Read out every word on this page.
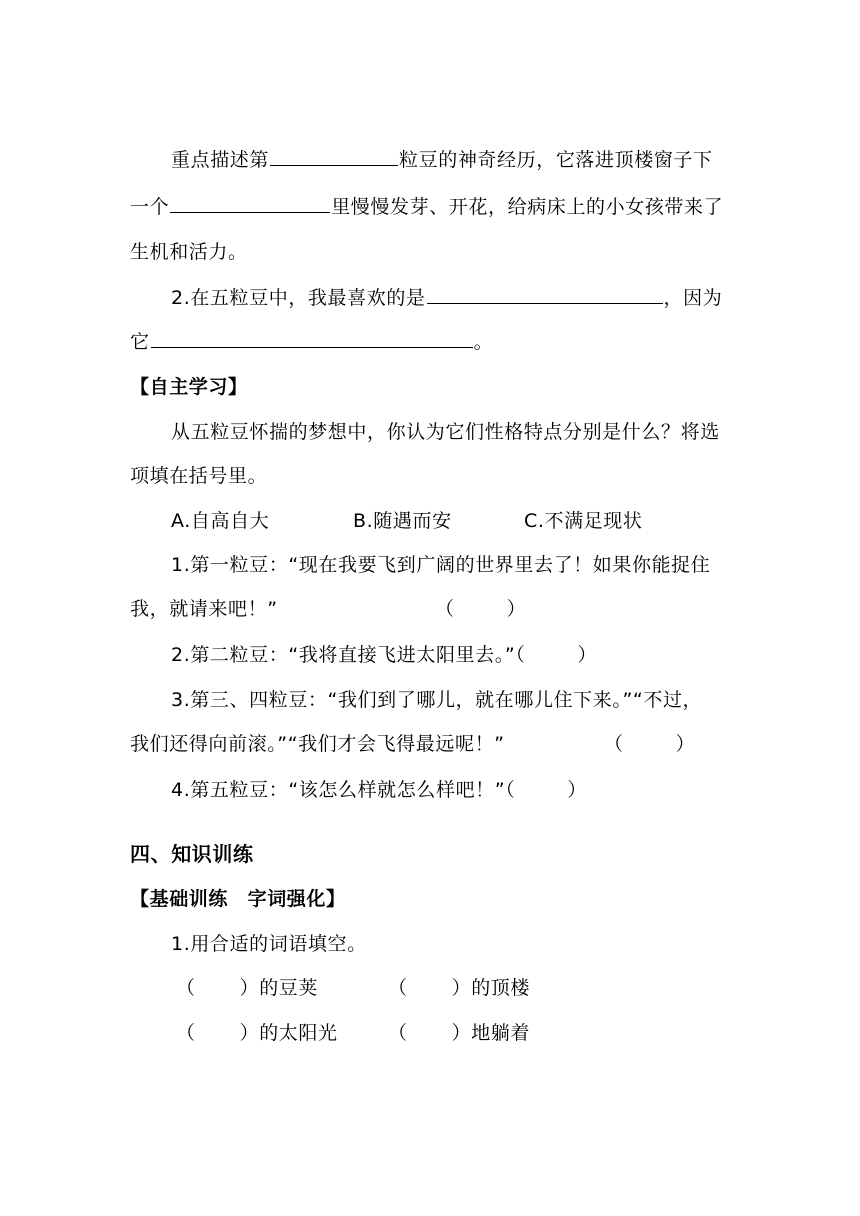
重点描述第	粒豆的神奇经历，它落进顶楼窗子下
一个	里慢慢发芽、开花，给病床上的小女孩带来了
生机和活力。
2.在五粒豆中，我最喜欢的是	，因为
它	。
【自主学习】
从五粒豆怀揣的梦想中，你认为它们性格特点分别是什么？将选
项填在括号里。
A.自高自大	B.随遇而安	C.不满足现状
1.第一粒豆：“现在我要飞到广阔的世界里去了！如果你能捉住
我，就请来吧！”	（	）
2.第二粒豆：“我将直接飞进太阳里去。”（	）
3.第三、四粒豆：“我们到了哪儿，就在哪儿住下来。”“不过，
我们还得向前滚。”“我们才会飞得最远呢！”	（	）
4.第五粒豆：“该怎么样就怎么样吧！”（	）
四、知识训练
【基础训练　字词强化】
1.用合适的词语填空。
（ ）的豆荚	（ ）的顶楼
（ ）的太阳光	（ ）地躺着
